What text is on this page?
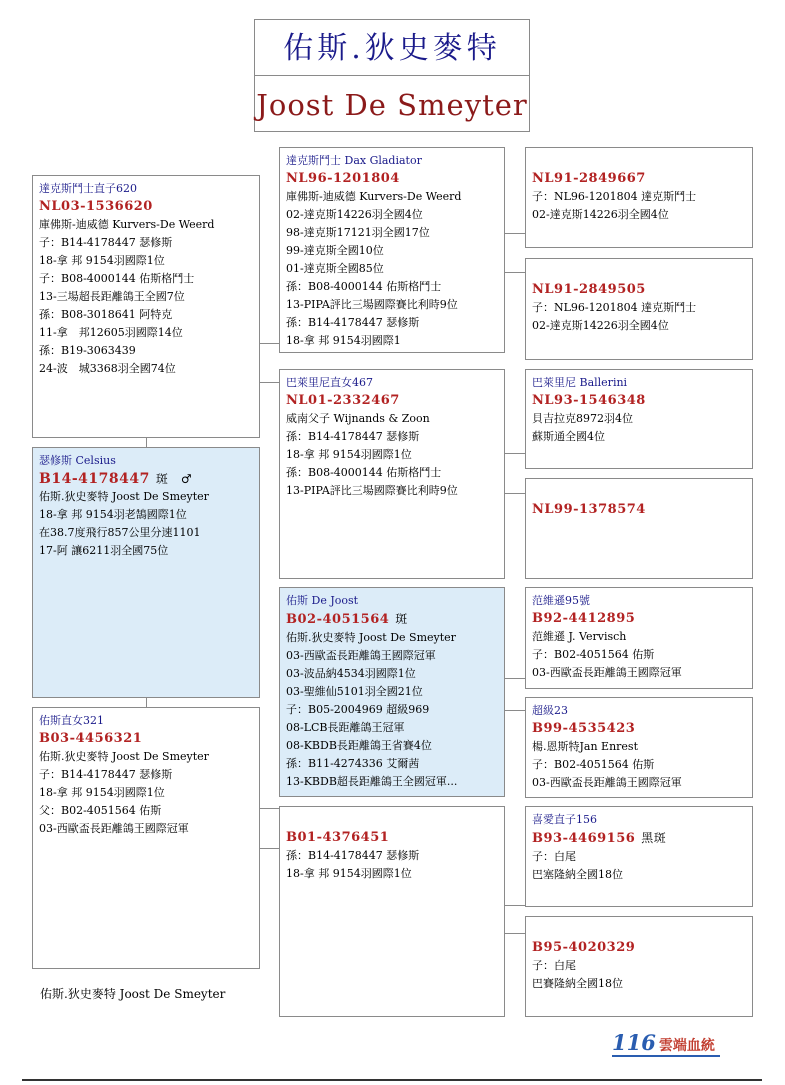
佑斯.狄史麥特
Joost De Smeyter
達克斯鬥士直子620
NL03-1536620
庫佛斯-迪威德 Kurvers-De Weerd
子：B14-4178447 瑟修斯
18-拿 邦 9154羽國際1位
子：B08-4000144 佑斯格鬥士
13-三場超長距離鴿王全國7位
孫：B08-3018641 阿特克
11-拿　邦12605羽國際14位
孫：B19-3063439
24-波　城3368羽全國74位
瑟修斯 Celsius
B14-4178447 斑　♂
佑斯.狄史麥特 Joost De Smeyter
18-拿 邦 9154羽老鵠國際1位
在38.7度飛行857公里分速1101
17-阿 讓6211羽全國75位
佑斯直女321
B03-4456321
佑斯.狄史麥特 Joost De Smeyter
子：B14-4178447 瑟修斯
18-拿 邦 9154羽國際1位
父：B02-4051564 佑斯
03-西歐盃長距離鴿王國際冠軍
達克斯鬥士 Dax Gladiator
NL96-1201804
庫佛斯-迪威德 Kurvers-De Weerd
02-達克斯14226羽全國4位
98-達克斯17121羽全國17位
99-達克斯全國10位
01-達克斯全國85位
孫：B08-4000144 佑斯格鬥士
13-PIPA評比三場國際賽比利時9位
孫：B14-4178447 瑟修斯
18-拿 邦 9154羽國際1
巴萊里尼直女467
NL01-2332467
威南父子 Wijnands & Zoon
孫：B14-4178447 瑟修斯
18-拿 邦 9154羽國際1位
孫：B08-4000144 佑斯格鬥士
13-PIPA評比三場國際賽比利時9位
佑斯 De Joost
B02-4051564 斑
佑斯.狄史麥特 Joost De Smeyter
03-西歐盃長距離鴿王國際冠軍
03-波品納4534羽國際1位
03-聖維仙5101羽全國21位
子：B05-2004969 超級969
08-LCB長距離鴿王冠軍
08-KBDB長距離鴿王省賽4位
孫：B11-4274336 艾爾茜
13-KBDB超長距離鴿王全國冠軍...
B01-4376451
孫：B14-4178447 瑟修斯
18-拿 邦 9154羽國際1位
NL91-2849667
子：NL96-1201804 達克斯鬥士
02-達克斯14226羽全國4位
NL91-2849505
子：NL96-1201804 達克斯鬥士
02-達克斯14226羽全國4位
巴萊里尼 Ballerini
NL93-1546348
貝吉拉克8972羽4位
蘇斯通全國4位
NL99-1378574
范維遜95號
B92-4412895
范維遜 J. Vervisch
子：B02-4051564 佑斯
03-西歐盃長距離鴿王國際冠軍
超級23
B99-4535423
楊.恩斯特Jan Enrest
子：B02-4051564 佑斯
03-西歐盃長距離鴿王國際冠軍
喜愛直子156
B93-4469156 黑斑
子：白尾
巴塞隆納全國18位
B95-4020329
子：白尾
巴賽隆納全國18位
佑斯.狄史麥特 Joost De Smeyter
116 雲端血統
